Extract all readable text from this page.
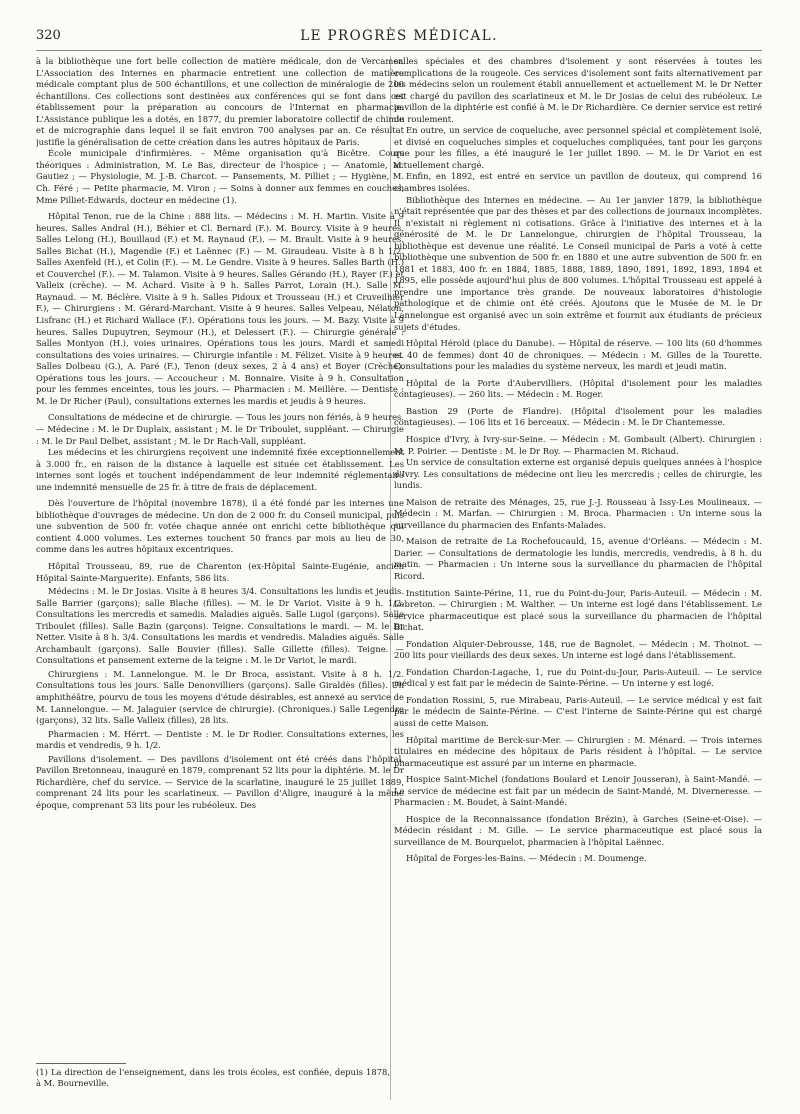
320	LE PROGRÈS MÉDICAL.

à la bibliothèque une fort belle collection de matière médicale, don de Vercamer. L'Association des Internes en pharmacie entretient une collection de matière médicale comptant plus de 500 échantillons, et une collection de minéralogie de 200 échantillons. Ces collections sont destinées aux conférences qui se font dans cet établissement pour la préparation au concours de l'Internat en pharmacie. L'Assistance publique les a dotés, en 1877, du premier laboratoire collectif de chimie et de micrographie dans lequel il se fait environ 700 analyses par an. Ce résultat justifie la généralisation de cette création dans les autres hôpitaux de Paris.

École municipale d'infirmières. – Même organisation qu'à Bicêtre. Cours théoriques : Administration, M. Le Bas, directeur de l'hospice ; — Anatomie, M. Gautiez ; — Physiologie, M. J.-B. Charcot. — Pansements, M. Pilliet ; — Hygiène, M. Ch. Féré ; — Petite pharmacie, M. Viron ; — Soins à donner aux femmes en couches, Mme Pilliet-Edwards, docteur en médecine (1).

Hôpital Tenon, rue de la Chine : 888 lits. — Médecins : M. H. Martin. Visite à 9 heures. Salles Andral (H.), Béhier et Cl. Bernard (F.). M. Bourcy. Visite à 9 heures. Salles Lelong (H.), Bouillaud (F.) et M. Raynaud (F.). — M. Brault. Visite à 9 heures. Salles Bichat (H.), Magendie (F.) et Laënnec (F.) — M. Giraudeau. Visite à 8 h 1/2. Salles Axenfeld (H.), et Colin (F.). — M. Le Gendre. Visite à 9 heures. Salles Barth (H.) et Couverchel (F.). — M. Talamon. Visite à 9 heures. Salles Gérando (H.), Rayer (F.) et Valleix (crèche). — M. Achard. Visite à 9 h. Salles Parrot, Lorain (H.). Salle M. Raynaud. — M. Béclère. Visite à 9 h. Salles Pidoux et Trousseau (H.) et Cruveilhier F.), — Chirurgiens : M. Gérard-Marchant. Visite à 9 heures. Salles Velpeau, Nélaton, Lisfranc (H.) et Richard Wallace (F.). Opérations tous les jours. — M. Bazy. Visite à 9 heures. Salles Dupuytren, Seymour (H.), et Delessert (F.). — Chirurgie générale : Salles Montyon (H.), voies urinaires. Opérations tous les jours. Mardi et samedi consultations des voies urinaires. — Chirurgie infantile : M. Félizet. Visite à 9 heures. Salles Dolbeau (G.), A. Paré (F.), Tenon (deux sexes, 2 à 4 ans) et Boyer (Crèche). Opérations tous les jours. — Accoucheur : M. Bonnaire. Visite à 9 h. Consultation pour les femmes enceintes, tous les jours. — Pharmacien : M. Meillère. — Dentiste : M. le Dr Richer (Paul), consultations externes les mardis et jeudis à 9 heures.

Consultations de médecine et de chirurgie. — Tous les jours non fériés, à 9 heures. — Médecine : M. le Dr Duplaix, assistant ; M. le Dr Triboulet, suppléant. — Chirurgie : M. le Dr Paul Delbet, assistant ; M. le Dr Rach-Vall, suppléant.

Les médecins et les chirurgiens reçoivent une indemnité fixée exceptionnellement à 3.000 fr., en raison de la distance à laquelle est située cet établissement. Les internes sont logés et touchent indépendamment de leur indemnité réglementaire une indemnité mensuelle de 25 fr. à titre de frais de déplacement.

Dès l'ouverture de l'hôpital (novembre 1878), il a été fondé par les internes une bibliothèque d'ouvrages de médecine. Un don de 2 000 fr. du Conseil municipal, puis une subvention de 500 fr. votée chaque année ont enrichi cette bibliothèque qui contient 4.000 volumes. Les externes touchent 50 francs par mois au lieu de 30, comme dans les autres hôpitaux excentriques.

Hôpital Trousseau, 89, rue de Charenton (ex-Hôpital Sainte-Eugénie, ancien Hôpital Sainte-Marguerite). Enfants, 586 lits.

Médecins : M. le Dr Josias. Visite à 8 heures 3/4. Consultations les lundis et jeudis. Salle Barrier (garçons); salle Blache (filles). — M. le Dr Variot. Visite à 9 h. 1/2. Consultations les mercredis et samedis. Maladies aiguës. Salle Lugol (garçons). Salle Triboulet (filles). Salle Bazin (garçons). Teigne. Consultations le mardi. — M. le Dr Netter. Visite à 8 h. 3/4. Consultations les mardis et vendredis. Maladies aiguës. Salle Archambault (garçons). Salle Bouvier (filles). Salle Gillette (filles). Teigne. — Consultations et pansement externe de la teigne : M. le Dr Variot, le mardi.

Chirurgiens : M. Lannelongue. M. le Dr Broca, assistant. Visite à 8 h. 1/2. Consultations tous les jours. Salle Denonvilliers (garçons). Salle Giraldès (filles). Un amphithéâtre, pourvu de tous les moyens d'étude désirables, est annexé au service de M. Lannelongue. — M. Jalaguier (service de chirurgie). (Chroniques.) Salle Legendre (garçons), 32 lits. Salle Valleix (filles), 28 lits.

Pharmacien : M. Hérrt. — Dentiste : M. le Dr Rodier. Consultations externes, les mardis et vendredis, 9 h. 1/2.

Pavillons d'isolement. — Des pavillons d'isolement ont été créés dans l'hôpital. Pavillon Bretonneau, inauguré en 1879, comprenant 52 lits pour la diphtérie. M. le Dr Richardière, chef du service. — Service de la scarlatine, inauguré le 25 juillet 1889, comprenant 24 lits pour les scarlatineux. — Pavillon d'Aligre, inauguré à la même époque, comprenant 53 lits pour les rubéoleux. Des

salles spéciales et des chambres d'isolement y sont réservées à toutes les complications de la rougeole. Ces services d'isolement sont faits alternativement par les médecins selon un roulement établi annuellement et actuellement M. le Dr Netter est chargé du pavillon des scarlatineux et M. le Dr Josias de celui des rubéoleux. Le pavillon de la diphtérie est confié à M. le Dr Richardière. Ce dernier service est retiré du roulement.

En outre, un service de coqueluche, avec personnel spécial et complètement isolé, et divisé en coqueluches simples et coqueluches compliquées, tant pour les garçons que pour les filles, a été inauguré le 1er juillet 1890. — M. le Dr Variot en est actuellement chargé.

Enfin, en 1892, est entré en service un pavillon de douteux, qui comprend 16 chambres isolées.

Bibliothèque des Internes en médecine. — Au 1er janvier 1879, la bibliothèque n'était représentée que par des thèses et par des collections de journaux incomplètes. Il n'existait ni règlement ni cotisations. Grâce à l'initiative des internes et à la générosité de M. le Dr Lannelongue, chirurgien de l'hôpital Trousseau, la bibliothèque est devenue une réalité. Le Conseil municipal de Paris a voté à cette bibliothèque une subvention de 500 fr. en 1880 et une autre subvention de 500 fr. en 1881 et 1883, 400 fr. en 1884, 1885, 1888, 1889, 1890, 1891, 1892, 1893, 1894 et 1895, elle possède aujourd'hui plus de 800 volumes. L'hôpital Trousseau est appelé à prendre une importance très grande. De nouveaux laboratoires d'histologie pathologique et de chimie ont été créés. Ajoutons que le Musée de M. le Dr Lannelongue est organisé avec un soin extrême et fournit aux étudiants de précieux sujets d'études.

Hôpital Hérold (place du Danube). — Hôpital de réserve. — 100 lits (60 d'hommes et 40 de femmes) dont 40 de chroniques. — Médecin : M. Gilles de la Tourette. Consultations pour les maladies du système nerveux, les mardi et jeudi matin.

Hôpital de la Porte d'Aubervilliers. (Hôpital d'isolement pour les maladies contagieuses). — 260 lits. — Médecin : M. Roger.

Bastion 29 (Porte de Flandre). (Hôpital d'isolement pour les maladies contagieuses). — 106 lits et 16 berceaux. — Médecin : M. le Dr Chantemesse.

Hospice d'Ivry, à Ivry-sur-Seine. — Médecin : M. Gombault (Albert). Chirurgien : M. P. Poirier. — Dentiste : M. le Dr Roy. — Pharmacien M. Richaud.

Un service de consultation externe est organisé depuis quelques années à l'hospice d'Ivry. Les consultations de médecine ont lieu les mercredis ; celles de chirurgie, les lundis.

Maison de retraite des Ménages, 25, rue J.-J. Rousseau à Issy-Les Moulineaux. — Médecin : M. Marfan. — Chirurgien : M. Broca. Pharmacien : Un interne sous la surveillance du pharmacien des Enfants-Malades.

Maison de retraite de La Rochefoucauld, 15, avenue d'Orléans. — Médecin : M. Darier. — Consultations de dermatologie les lundis, mercredis, vendredis, à 8 h. du matin. — Pharmacien : Un interne sous la surveillance du pharmacien de l'hôpital Ricord.

Institution Sainte-Périne, 11, rue du Point-du-Jour, Paris-Auteuil. — Médecin : M. Lebreton. — Chirurgien : M. Walther. — Un interne est logé dans l'établissement. Le service pharmaceutique est placé sous la surveillance du pharmacien de l'hôpital Bichat.

Fondation Alquier-Debrousse, 148, rue de Bagnolet. — Médecin : M. Thoinot. — 200 lits pour vieillards des deux sexes. Un interne est logé dans l'établissement.

Fondation Chardon-Lagache, 1, rue du Point-du-Jour, Paris-Auteuil. — Le service médical y est fait par le médecin de Sainte-Périne. — Un interne y est logé.

Fondation Rossini, 5, rue Mirabeau, Paris-Auteuil. — Le service médical y est fait par le médecin de Sainte-Périne. — C'est l'interne de Sainte-Périne qui est chargé aussi de cette Maison.

Hôpital maritime de Berck-sur-Mer. — Chirurgien : M. Ménard. — Trois internes titulaires en médecine des hôpitaux de Paris résident à l'hôpital. — Le service pharmaceutique est assuré par un interne en pharmacie.

Hospice Saint-Michel (fondations Boulard et Lenoir Jousseran), à Saint-Mandé. — Le service de médecine est fait par un médecin de Saint-Mandé, M. Diverneresse. — Pharmacien : M. Boudet, à Saint-Mandé.

Hospice de la Reconnaissance (fondation Brézin), à Garches (Seine-et-Oise). — Médecin résidant : M. Gille. — Le service pharmaceutique est placé sous la surveillance de M. Bourquelot, pharmacien à l'hôpital Laënnec.

Hôpital de Forges-les-Bains. — Médecin : M. Doumenge.

(1) La direction de l'enseignement, dans les trois écoles, est confiée, depuis 1878, à M. Bourneville.
